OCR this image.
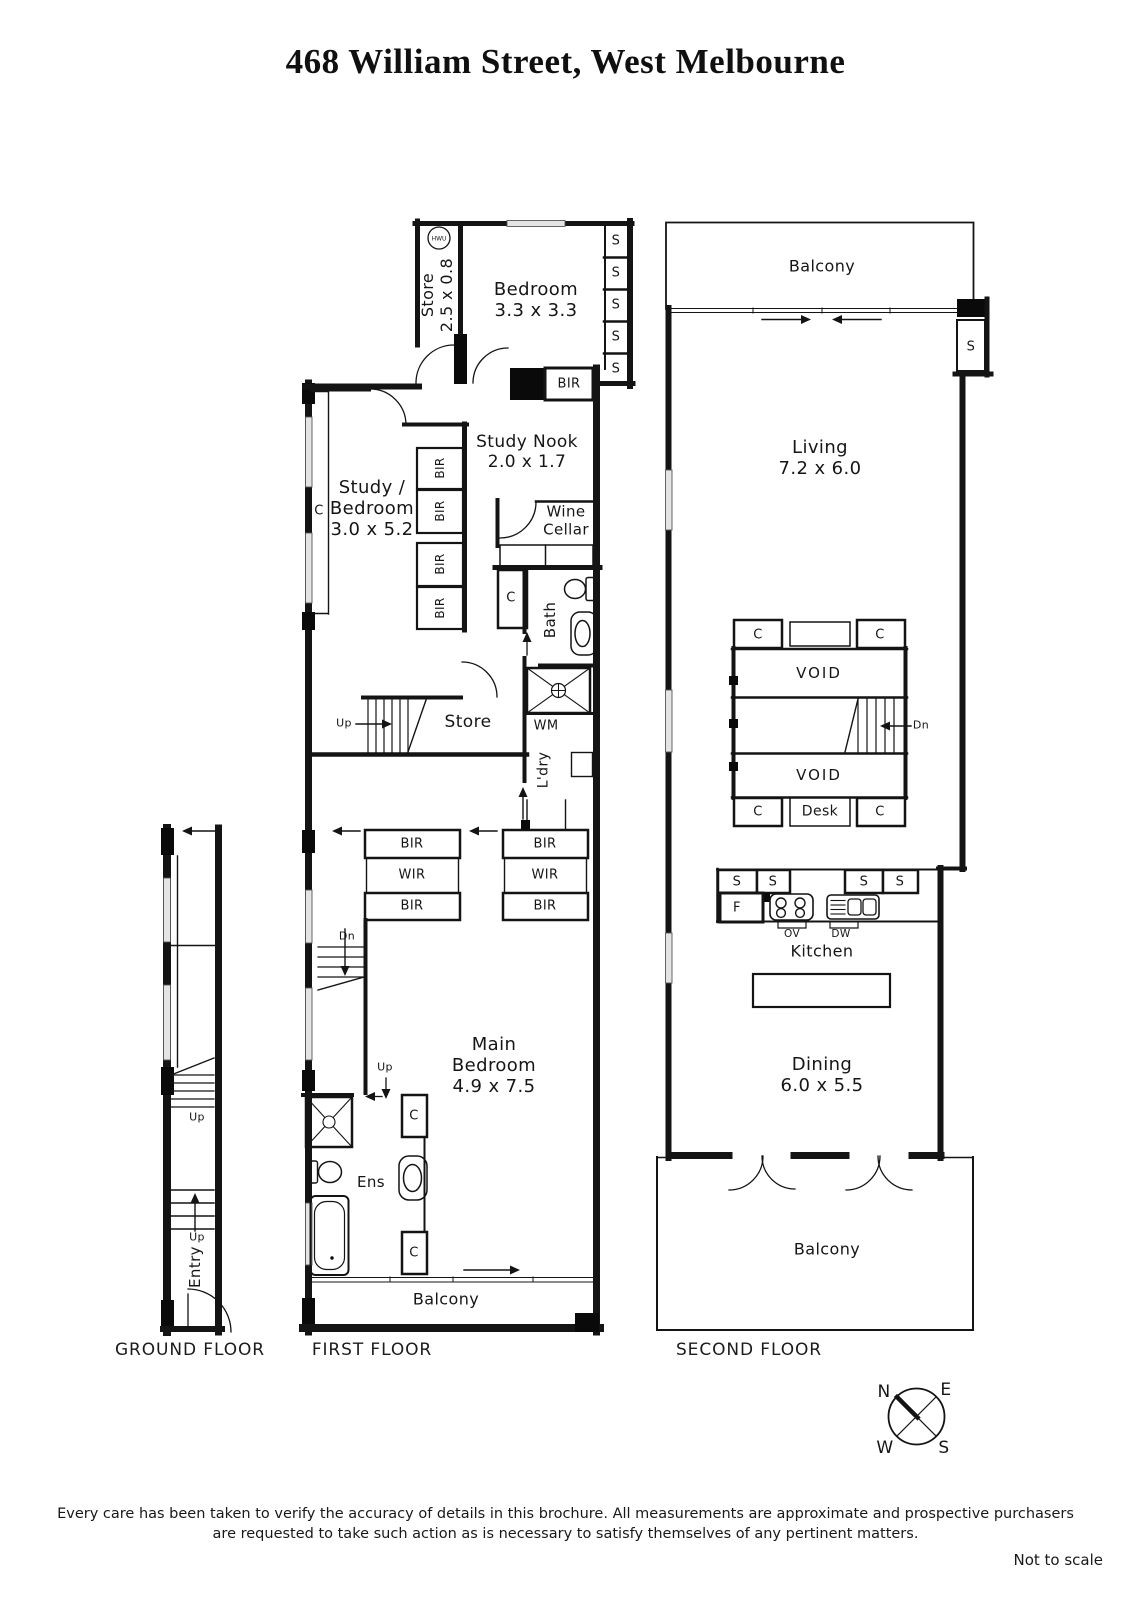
468 William Street, West Melbourne
Up
Up
Entry
GROUND FLOOR
Store 2.5 x 0.8
HWU
Bedroom
3.3 x 3.3
S
S
S
S
S
BIR
C
Study /
Bedroom
3.0 x 5.2
BIR
BIR
BIR
BIR
Study Nook
2.0 x 1.7
Wine
Cellar
C
Bath
Up	Store	WM
L'dry
BIR
WIR
BIR
BIR
WIR
BIR
Dn
Main
Bedroom
4.9 x 7.5
Up
C
Ens
C
Balcony
FIRST FLOOR
Balcony
S
Living
7.2 x 6.0
C	C
VOID
Dn
VOID
C	Desk	C
S S	S S
F
OV	DW
Kitchen
Dining
6.0 x 5.5
Balcony
SECOND FLOOR
N	E
W	S
Every care has been taken to verify the accuracy of details in this brochure. All measurements are approximate and prospective purchasers
are requested to take such action as is necessary to satisfy themselves of any pertinent matters.
Not to scale
